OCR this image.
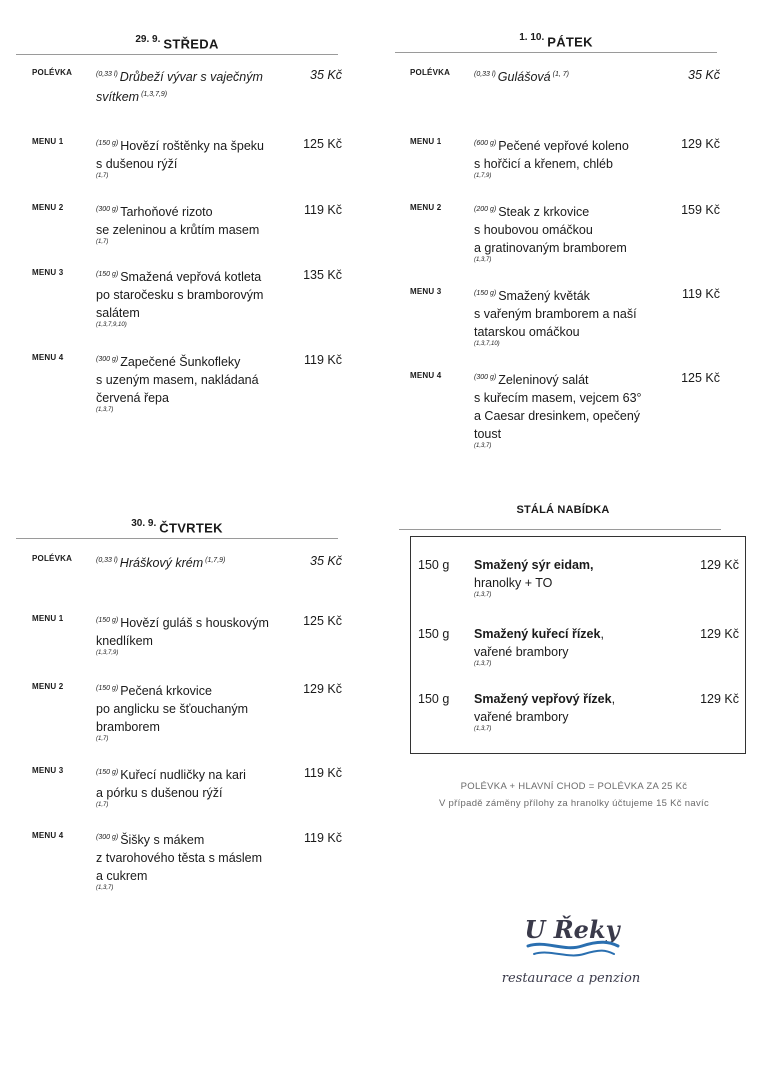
$^{29. 9.}$ STŘEDA
POLÉVKA	$^{(0,33 l)}$ Drůbeží vývar s vaječným
svítkem $^{(1,3,7,9)}$
35 Kč
MENU 1	$^{(150 g)}$ Hovězí roštěnky na špeku
s dušenou rýží
(1,7)
125 Kč
MENU 2	$^{(300 g)}$ Tarhoňové rizoto
se zeleninou a krůtím masem
(1,7)
119 Kč
MENU 3	$^{(150 g)}$ Smažená vepřová kotleta
po staročesku s bramborovým
salátem
(1,3,7,9,10)
135 Kč
MENU 4	$^{(300 g)}$ Zapečené Šunkofleky
s uzeným masem, nakládaná
červená řepa
(1,3,7)
119 Kč
$^{1. 10.}$ PÁTEK
POLÉVKA	$^{(0,33 l)}$ Gulášová $^{(1, 7)}$	35 Kč
MENU 1	$^{(600 g)}$ Pečené vepřové koleno
s hořčicí a křenem, chléb
(1,7,9)
129 Kč
MENU 2	$^{(200 g)}$ Steak z krkovice
s houbovou omáčkou
a gratinovaným bramborem
(1,3,7)
159 Kč
MENU 3	$^{(150 g)}$ Smažený květák
s vařeným bramborem a naší
tatarskou omáčkou
(1,3,7,10)
119 Kč
MENU 4	$^{(300 g)}$ Zeleninový salát
s kuřecím masem, vejcem 63°
a Caesar dresinkem, opečený
toust
(1,3,7)
125 Kč
$^{30. 9.}$ ČTVRTEK
POLÉVKA	$^{(0,33 l)}$ Hráškový krém $^{(1,7,9)}$	35 Kč
MENU 1	$^{(150 g)}$ Hovězí guláš s houskovým
knedlíkem
(1,3,7,9)
125 Kč
MENU 2	$^{(150 g)}$ Pečená krkovice
po anglicku se šťouchaným
bramborem
(1,7)
129 Kč
MENU 3	$^{(150 g)}$ Kuřecí nudličky na kari
a pórku s dušenou rýží
(1,7)
119 Kč
MENU 4	$^{(300 g)}$ Šišky s mákem
z tvarohového těsta s máslem
a cukrem
(1,3,7)
119 Kč
STÁLÁ NABÍDKA
150 g Smažený sýr eidam,
hranolky + TO
(1,3,7)
129 Kč
150 g Smažený kuřecí řízek,
vařené brambory
(1,3,7)
129 Kč
150 g Smažený vepřový řízek,
vařené brambory
(1,3,7)
129 Kč
POLÉVKA + HLAVNÍ CHOD = POLÉVKA ZA 25 Kč
V případě záměny přílohy za hranolky účtujeme 15 Kč navíc
U Řeky
restaurace a penzion
